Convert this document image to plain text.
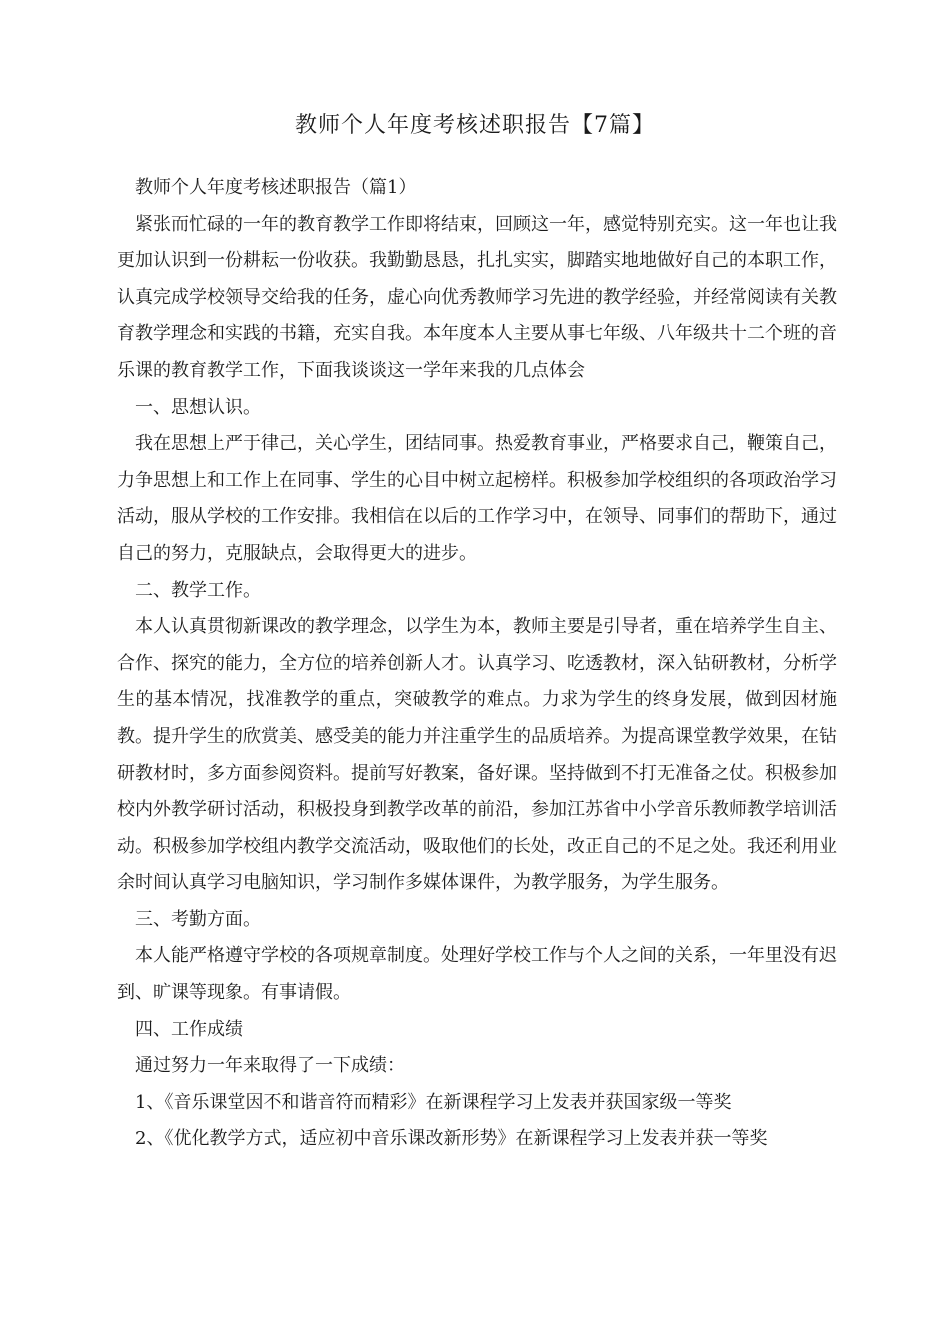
教师个人年度考核述职报告【7篇】

教师个人年度考核述职报告（篇1）

紧张而忙碌的一年的教育教学工作即将结束，回顾这一年，感觉特别充实。这一年也让我更加认识到一份耕耘一份收获。我勤勤恳恳，扎扎实实，脚踏实地地做好自己的本职工作，认真完成学校领导交给我的任务，虚心向优秀教师学习先进的教学经验，并经常阅读有关教育教学理念和实践的书籍，充实自我。本年度本人主要从事七年级、八年级共十二个班的音乐课的教育教学工作，下面我谈谈这一学年来我的几点体会

一、思想认识。

我在思想上严于律己，关心学生，团结同事。热爱教育事业，严格要求自己，鞭策自己，力争思想上和工作上在同事、学生的心目中树立起榜样。积极参加学校组织的各项政治学习活动，服从学校的工作安排。我相信在以后的工作学习中，在领导、同事们的帮助下，通过自己的努力，克服缺点，会取得更大的进步。

二、教学工作。

本人认真贯彻新课改的教学理念，以学生为本，教师主要是引导者，重在培养学生自主、合作、探究的能力，全方位的培养创新人才。认真学习、吃透教材，深入钻研教材，分析学生的基本情况，找准教学的重点，突破教学的难点。力求为学生的终身发展，做到因材施教。提升学生的欣赏美、感受美的能力并注重学生的品质培养。为提高课堂教学效果，在钻研教材时，多方面参阅资料。提前写好教案，备好课。坚持做到不打无准备之仗。积极参加校内外教学研讨活动，积极投身到教学改革的前沿，参加江苏省中小学音乐教师教学培训活动。积极参加学校组内教学交流活动，吸取他们的长处，改正自己的不足之处。我还利用业余时间认真学习电脑知识，学习制作多媒体课件，为教学服务，为学生服务。

三、考勤方面。

本人能严格遵守学校的各项规章制度。处理好学校工作与个人之间的关系，一年里没有迟到、旷课等现象。有事请假。

四、工作成绩

通过努力一年来取得了一下成绩：

1、《音乐课堂因不和谐音符而精彩》在新课程学习上发表并获国家级一等奖

2、《优化教学方式，适应初中音乐课改新形势》在新课程学习上发表并获一等奖
